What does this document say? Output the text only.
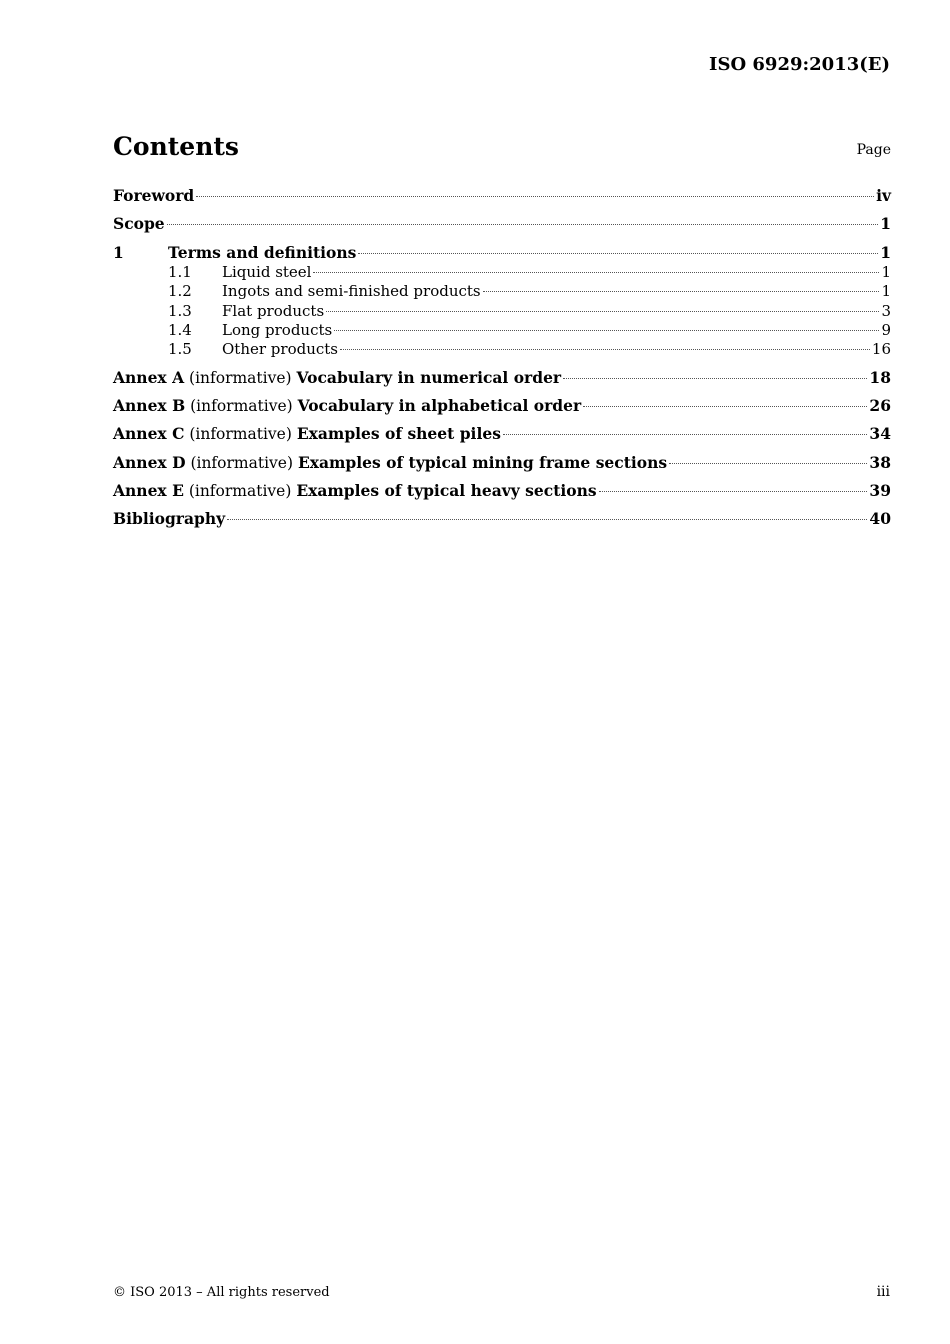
ISO 6929:2013(E)
Contents	Page
Foreword	iv
Scope	1
1	Terms and definitions	1
1.1	Liquid steel	1
1.2	Ingots and semi-finished products	1
1.3	Flat products	3
1.4	Long products	9
1.5	Other products	16
Annex A (informative) Vocabulary in numerical order	18
Annex B (informative) Vocabulary in alphabetical order	26
Annex C (informative) Examples of sheet piles	34
Annex D (informative) Examples of typical mining frame sections	38
Annex E (informative) Examples of typical heavy sections	39
Bibliography	40
© ISO 2013 – All rights reserved	iii
